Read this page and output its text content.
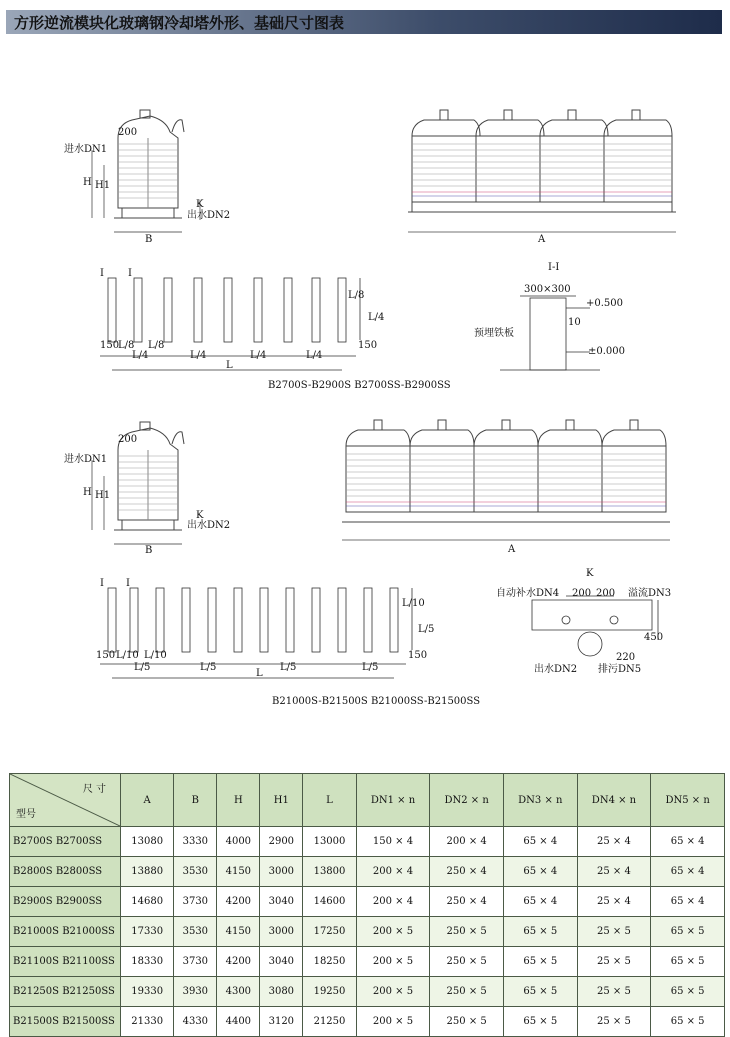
方形逆流模块化玻璃钢冷却塔外形、基础尺寸图表
200
进水DN1
H H1
B
K
出水DN2
A
I I
150
L/8 L/8
L/4	L/4	L/4	L/4
150
L
L/8
L/4
B2700S-B2900S B2700SS-B2900SS
I-I
300×300
预埋铁板
10
+0.500
±0.000
200
进水DN1
H H1
B
K
出水DN2
A
I I
150 L/10 L/10
L/5	L/5	L/5	L/5
150
L
L/10
L/5
B21000S-B21500S B21000SS-B21500SS
K
自动补水DN4	溢流DN3
200 200
220
450
出水DN2 排污DN5
尺 寸
型号	A	B	H	H1	L	DN1 × n	DN2 × n	DN3 × n	DN4 × n	DN5 × n
B2700S B2700SS	13080	3330	4000	2900	13000	150 × 4	200 × 4	65 × 4	25 × 4	65 × 4
B2800S B2800SS	13880	3530	4150	3000	13800	200 × 4	250 × 4	65 × 4	25 × 4	65 × 4
B2900S B2900SS	14680	3730	4200	3040	14600	200 × 4	250 × 4	65 × 4	25 × 4	65 × 4
B21000S B21000SS	17330	3530	4150	3000	17250	200 × 5	250 × 5	65 × 5	25 × 5	65 × 5
B21100S B21100SS	18330	3730	4200	3040	18250	200 × 5	250 × 5	65 × 5	25 × 5	65 × 5
B21250S B21250SS	19330	3930	4300	3080	19250	200 × 5	250 × 5	65 × 5	25 × 5	65 × 5
B21500S B21500SS	21330	4330	4400	3120	21250	200 × 5	250 × 5	65 × 5	25 × 5	65 × 5
